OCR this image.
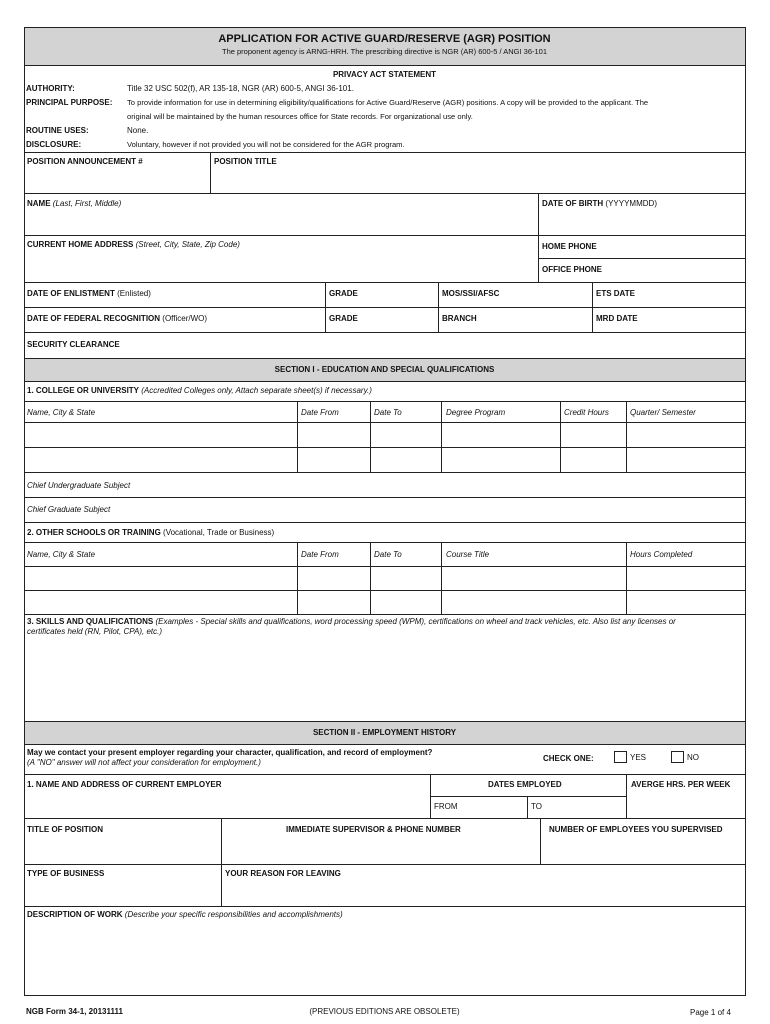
APPLICATION FOR ACTIVE GUARD/RESERVE (AGR) POSITION
The proponent agency is ARNG-HRH. The prescribing directive is NGR (AR) 600-5 / ANGI 36-101
PRIVACY ACT STATEMENT
AUTHORITY:	Title 32 USC 502(f), AR 135-18, NGR (AR) 600-5, ANGI 36-101.
PRINCIPAL PURPOSE: To provide information for use in determining eligibility/qualifications for Active Guard/Reserve (AGR) positions. A copy will be provided to the applicant. The
original will be maintained by the human resources office for State records. For organizational use only.
ROUTINE USES:	None.
DISCLOSURE:	Voluntary, however if not provided you will not be considered for the AGR program.
POSITION ANNOUNCEMENT #	POSITION TITLE
NAME (Last, First, Middle)	DATE OF BIRTH (YYYYMMDD)
CURRENT HOME ADDRESS (Street, City, State, Zip Code)	HOME PHONE
OFFICE PHONE
DATE OF ENLISTMENT (Enlisted)	GRADE	MOS/SSI/AFSC	ETS DATE
DATE OF FEDERAL RECOGNITION (Officer/WO)	GRADE	BRANCH	MRD DATE
SECURITY CLEARANCE
SECTION I - EDUCATION AND SPECIAL QUALIFICATIONS
1. COLLEGE OR UNIVERSITY (Accredited Colleges only, Attach separate sheet(s) if necessary.)
Name, City & State	Date From	Date To	Degree Program	Credit Hours	Quarter/ Semester
Chief Undergraduate Subject
Chief Graduate Subject
2. OTHER SCHOOLS OR TRAINING (Vocational, Trade or Business)
Name, City & State	Date From	Date To	Course Title	Hours Completed
3. SKILLS AND QUALIFICATIONS (Examples - Special skills and qualifications, word processing speed (WPM), certifications on wheel and track vehicles, etc. Also list any licenses or
certificates held (RN, Pilot, CPA), etc.)
SECTION II - EMPLOYMENT HISTORY
May we contact your present employer regarding your character, qualification, and record of employment?
(A "NO" answer will not affect your consideration for employment.)	CHECK ONE:	YES	NO
1. NAME AND ADDRESS OF CURRENT EMPLOYER	DATES EMPLOYED	AVERGE HRS. PER WEEK
FROM	TO
TITLE OF POSITION	IMMEDIATE SUPERVISOR & PHONE NUMBER	NUMBER OF EMPLOYEES YOU SUPERVISED
TYPE OF BUSINESS	YOUR REASON FOR LEAVING
DESCRIPTION OF WORK (Describe your specific responsibilities and accomplishments)
NGB Form 34-1, 20131111	(PREVIOUS EDITIONS ARE OBSOLETE)	Page 1 of 4
